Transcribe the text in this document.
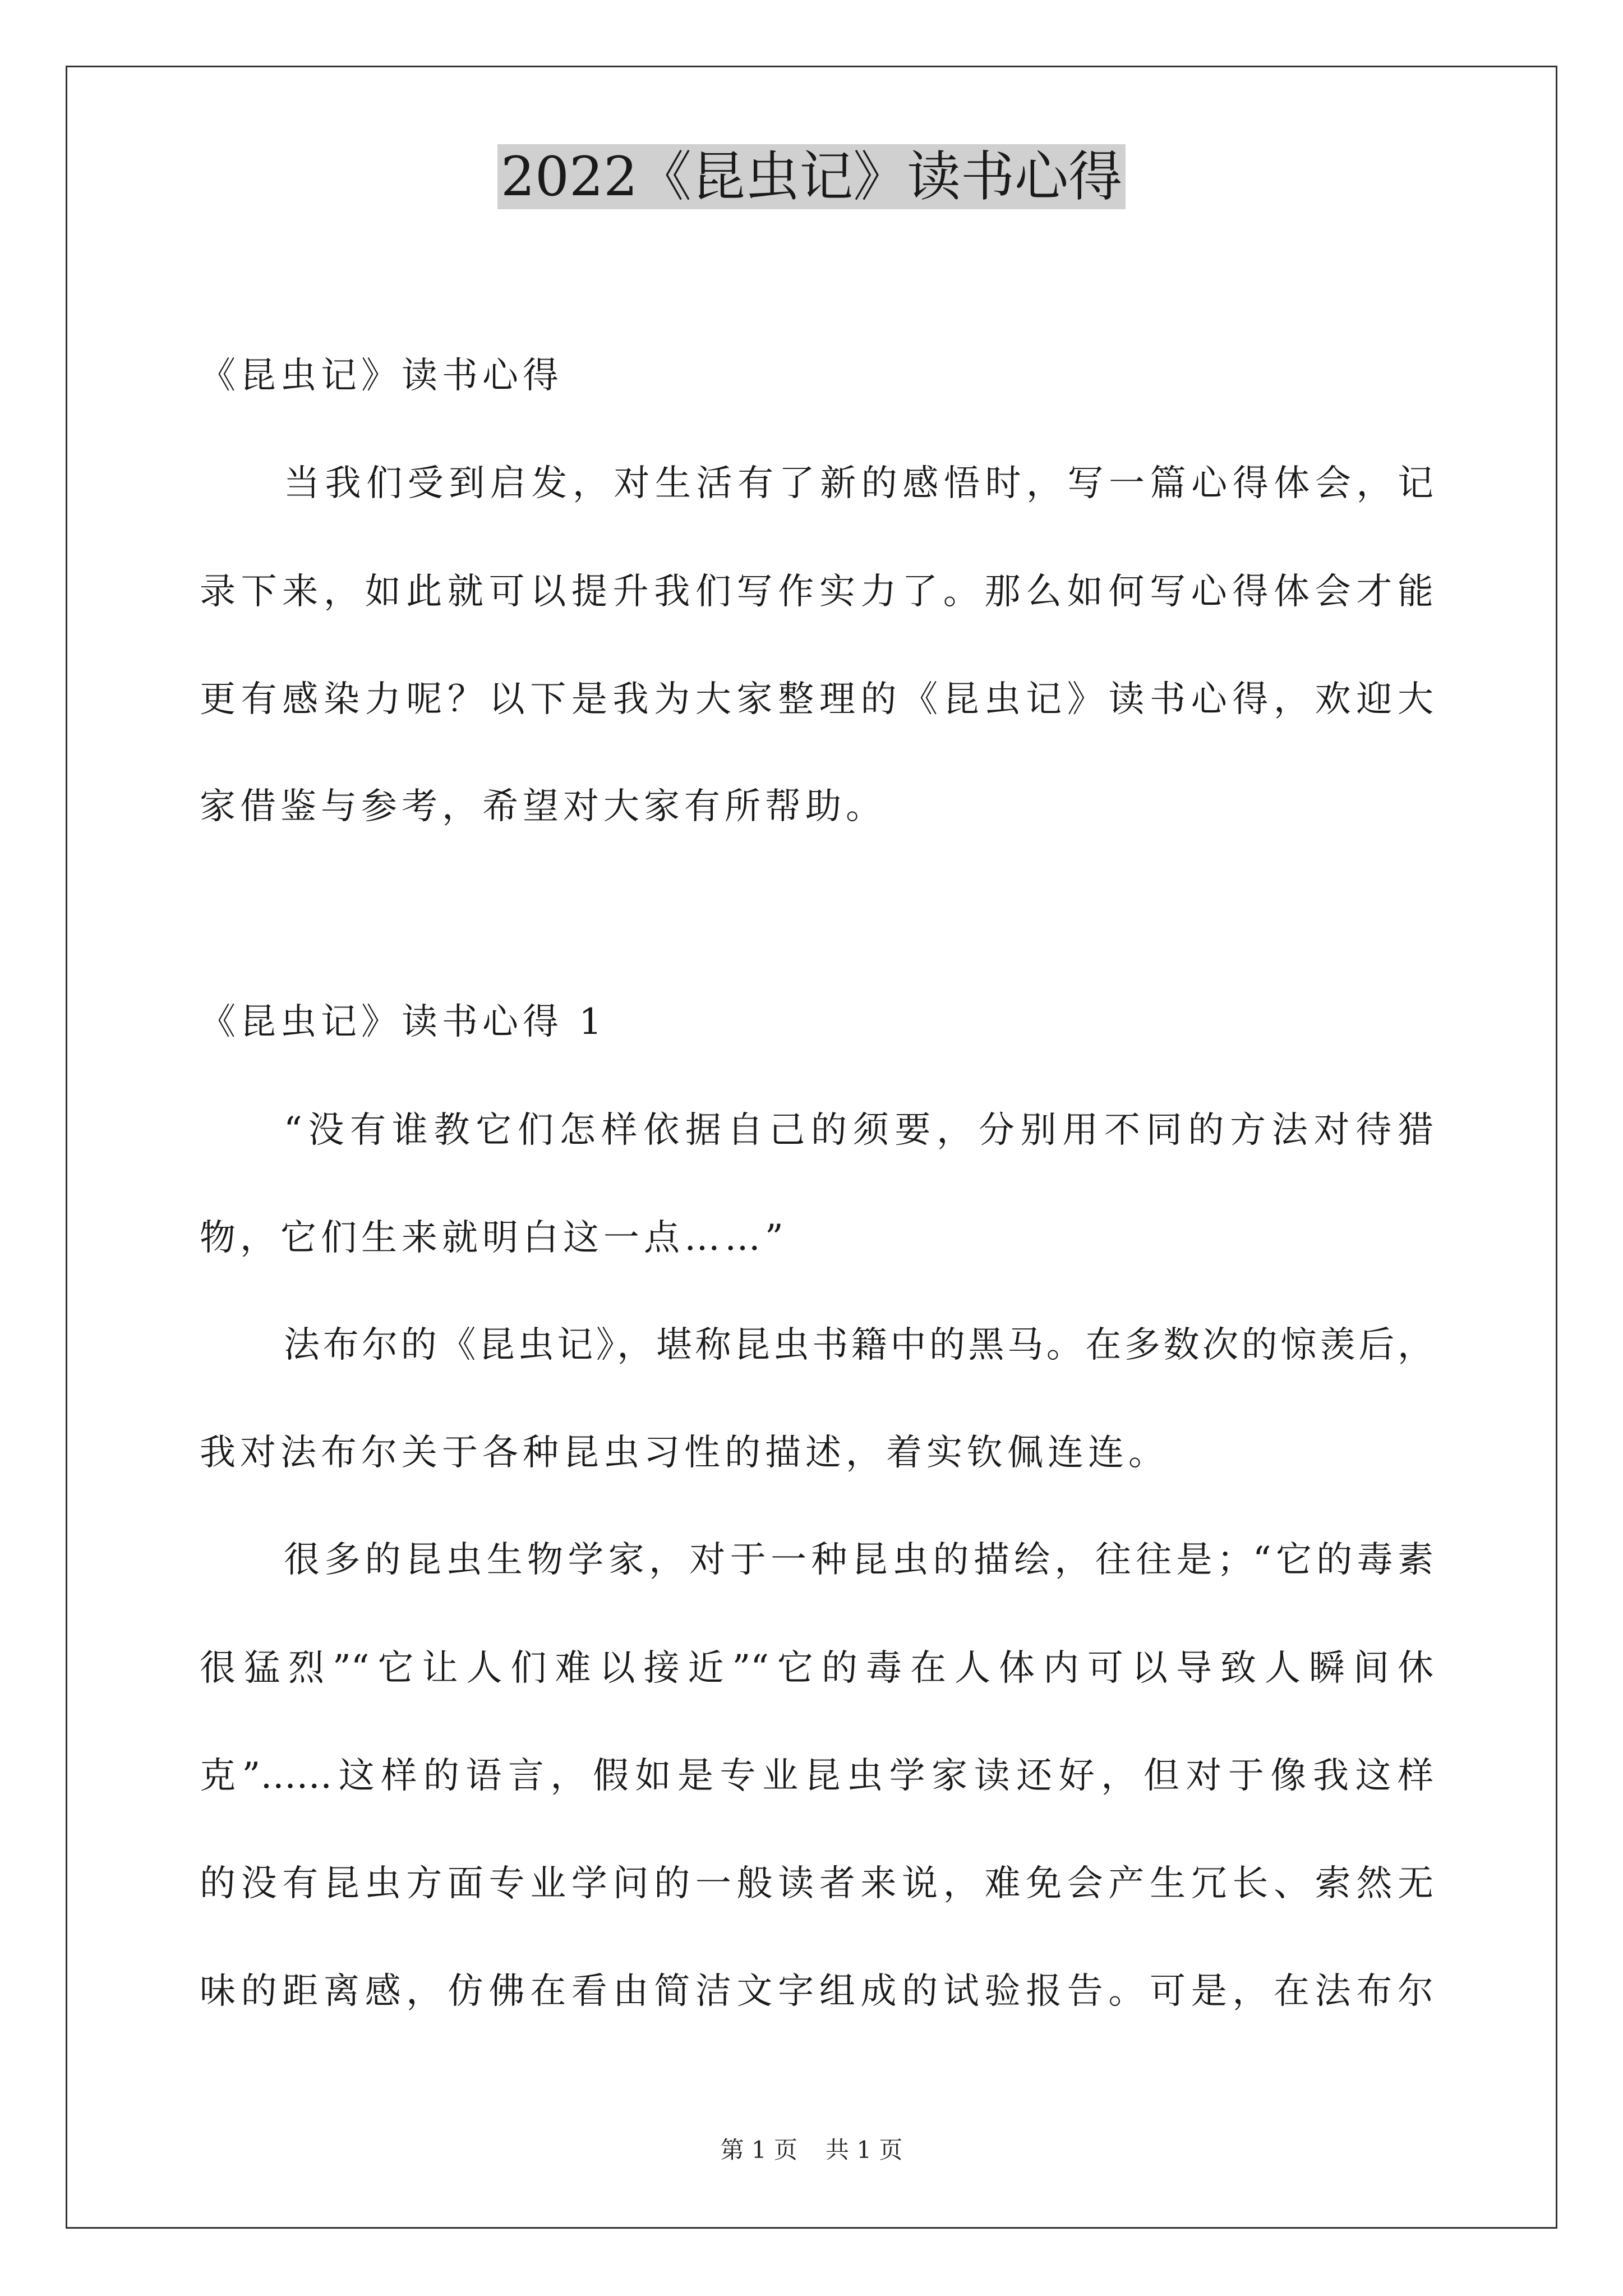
2022《昆虫记》读书心得
《昆虫记》读书心得
当我们受到启发，对生活有了新的感悟时，写一篇心得体会，记
录下来，如此就可以提升我们写作实力了。那么如何写心得体会才能
更有感染力呢？以下是我为大家整理的《昆虫记》读书心得，欢迎大
家借鉴与参考，希望对大家有所帮助。
《昆虫记》读书心得 1
“没有谁教它们怎样依据自己的须要，分别用不同的方法对待猎
物，它们生来就明白这一点……”
法布尔的《昆虫记》，堪称昆虫书籍中的黑马。在多数次的惊羡后，
我对法布尔关于各种昆虫习性的描述，着实钦佩连连。
很多的昆虫生物学家，对于一种昆虫的描绘，往往是；“它的毒素
很猛烈”“它让人们难以接近”“它的毒在人体内可以导致人瞬间休
克”……这样的语言，假如是专业昆虫学家读还好，但对于像我这样
的没有昆虫方面专业学问的一般读者来说，难免会产生冗长、索然无
味的距离感，仿佛在看由简洁文字组成的试验报告。可是，在法布尔
第 1 页 共 1 页
